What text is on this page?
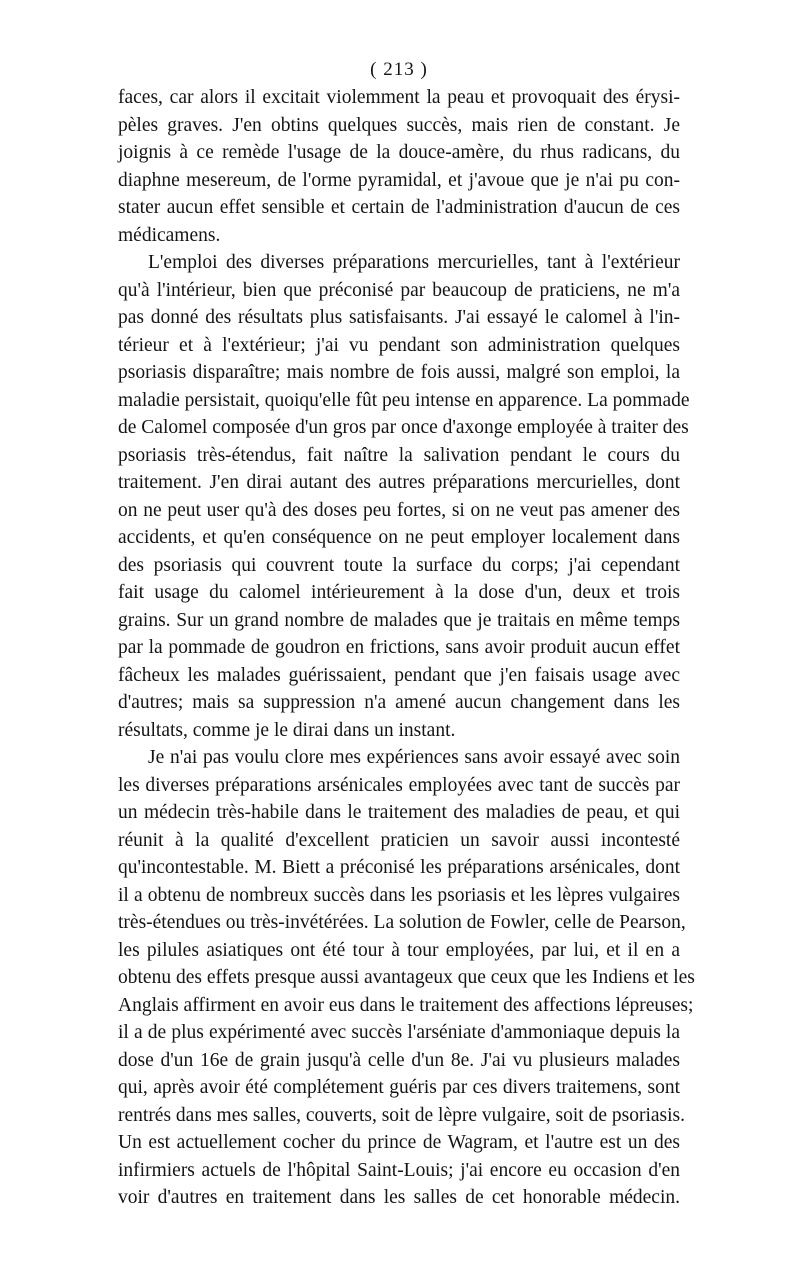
( 213 )

faces, car alors il excitait violemment la peau et provoquait des érysi-
pèles graves. J'en obtins quelques succès, mais rien de constant. Je
joignis à ce remède l'usage de la douce-amère, du rhus radicans, du
diaphne mesereum, de l'orme pyramidal, et j'avoue que je n'ai pu con-
stater aucun effet sensible et certain de l'administration d'aucun de ces
médicamens.

L'emploi des diverses préparations mercurielles, tant à l'extérieur
qu'à l'intérieur, bien que préconisé par beaucoup de praticiens, ne m'a
pas donné des résultats plus satisfaisants. J'ai essayé le calomel à l'in-
térieur et à l'extérieur; j'ai vu pendant son administration quelques
psoriasis disparaître; mais nombre de fois aussi, malgré son emploi, la
maladie persistait, quoiqu'elle fût peu intense en apparence. La pommade
de Calomel composée d'un gros par once d'axonge employée à traiter des
psoriasis très-étendus, fait naître la salivation pendant le cours du
traitement. J'en dirai autant des autres préparations mercurielles, dont
on ne peut user qu'à des doses peu fortes, si on ne veut pas amener des
accidents, et qu'en conséquence on ne peut employer localement dans
des psoriasis qui couvrent toute la surface du corps; j'ai cependant
fait usage du calomel intérieurement à la dose d'un, deux et trois
grains. Sur un grand nombre de malades que je traitais en même temps
par la pommade de goudron en frictions, sans avoir produit aucun effet
fâcheux les malades guérissaient, pendant que j'en faisais usage avec
d'autres; mais sa suppression n'a amené aucun changement dans les
résultats, comme je le dirai dans un instant.

Je n'ai pas voulu clore mes expériences sans avoir essayé avec soin
les diverses préparations arsénicales employées avec tant de succès par
un médecin très-habile dans le traitement des maladies de peau, et qui
réunit à la qualité d'excellent praticien un savoir aussi incontesté
qu'incontestable. M. Biett a préconisé les préparations arsénicales, dont
il a obtenu de nombreux succès dans les psoriasis et les lèpres vulgaires
très-étendues ou très-invétérées. La solution de Fowler, celle de Pearson,
les pilules asiatiques ont été tour à tour employées, par lui, et il en a
obtenu des effets presque aussi avantageux que ceux que les Indiens et les
Anglais affirment en avoir eus dans le traitement des affections lépreuses;
il a de plus expérimenté avec succès l'arséniate d'ammoniaque depuis la
dose d'un 16e de grain jusqu'à celle d'un 8e. J'ai vu plusieurs malades
qui, après avoir été complétement guéris par ces divers traitemens, sont
rentrés dans mes salles, couverts, soit de lèpre vulgaire, soit de psoriasis.
Un est actuellement cocher du prince de Wagram, et l'autre est un des
infirmiers actuels de l'hôpital Saint-Louis; j'ai encore eu occasion d'en
voir d'autres en traitement dans les salles de cet honorable médecin.
